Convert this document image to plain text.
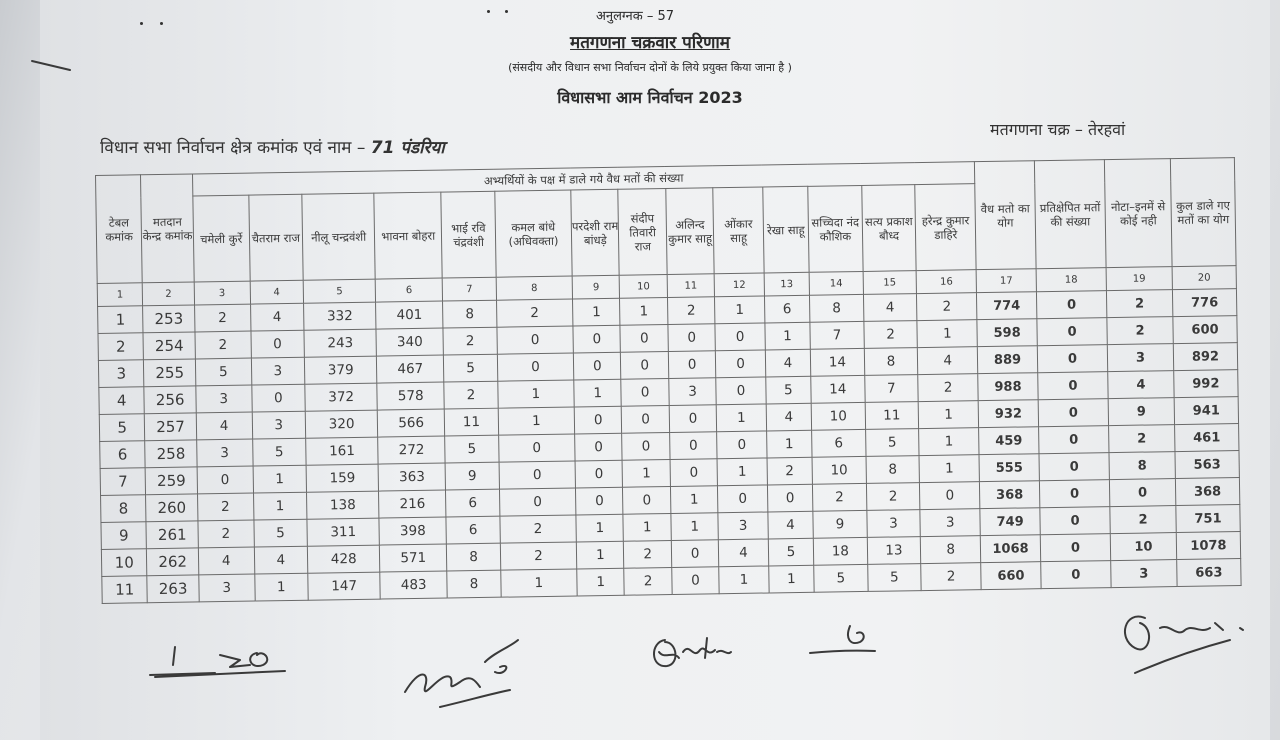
अनुलग्नक – 57
मतगणना चक्रवार परिणाम
(संसदीय और विधान सभा निर्वाचन दोनों के लिये प्रयुक्त किया जाना है )
विधासभा आम निर्वाचन 2023
विधान सभा निर्वाचन क्षेत्र कमांक एवं नाम – 71 पंडरिया
मतगणना चक्र – तेरहवां
टेबल कमांक	मतदान केन्द्र कमांक	अभ्यर्थियों के पक्ष में डाले गये वैध मतों की संख्या														वैध मतो का योग	प्रतिक्षेपित मतों की संख्या	नोटा–इनमें से कोई नही	कुल डाले गए मतों का योग
		चमेली कुर्रे	चैतराम राज	नीलू चन्द्रवंशी	भावना बोहरा	भाई रवि चंद्रवंशी	कमल बांधे (अधिवक्ता)	परदेशी राम बांधड़े	संदीप तिवारी राज	अलिन्द कुमार साहू	ओंकार साहू	रेखा साहू	सच्चिदा नंद कौशिक	सत्य प्रकाश बौध्द	हरेन्द्र कुमार डाहिरे				
1	2	3	4	5	6	7	8	9	10	11	12	13	14	15	16	17	18	19	20
1	253	2	4	332	401	8	2	1	1	2	1	6	8	4	2	774	0	2	776
2	254	2	0	243	340	2	0	0	0	0	0	1	7	2	1	598	0	2	600
3	255	5	3	379	467	5	0	0	0	0	0	4	14	8	4	889	0	3	892
4	256	3	0	372	578	2	1	1	0	3	0	5	14	7	2	988	0	4	992
5	257	4	3	320	566	11	1	0	0	0	1	4	10	11	1	932	0	9	941
6	258	3	5	161	272	5	0	0	0	0	0	1	6	5	1	459	0	2	461
7	259	0	1	159	363	9	0	0	1	0	1	2	10	8	1	555	0	8	563
8	260	2	1	138	216	6	0	0	0	1	0	0	2	2	0	368	0	0	368
9	261	2	5	311	398	6	2	1	1	1	3	4	9	3	3	749	0	2	751
10	262	4	4	428	571	8	2	1	2	0	4	5	18	13	8	1068	0	10	1078
11	263	3	1	147	483	8	1	1	2	0	1	1	5	5	2	660	0	3	663
